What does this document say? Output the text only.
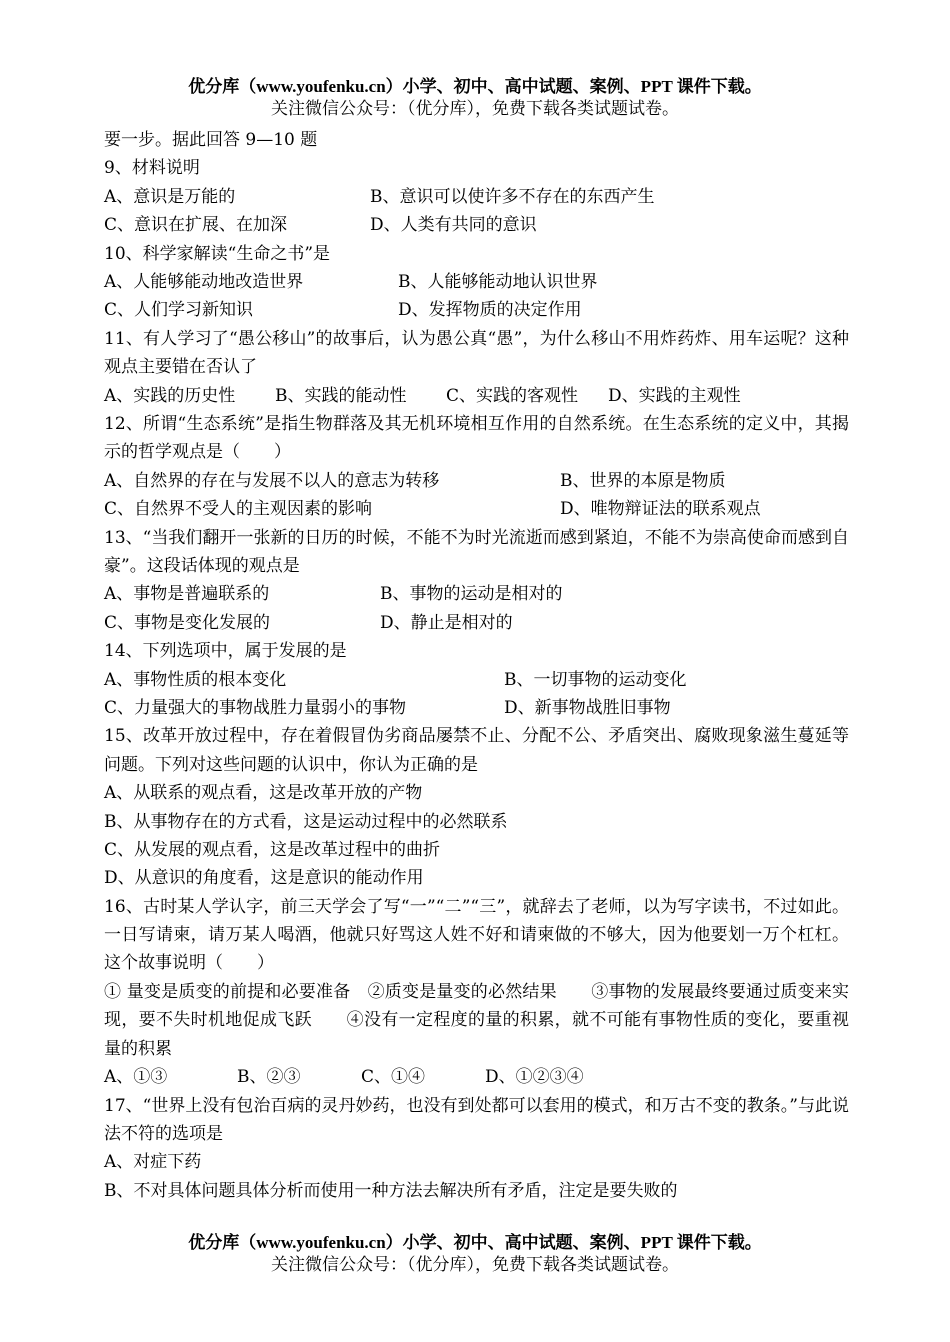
优分库（www.youfenku.cn）小学、初中、高中试题、案例、PPT 课件下载。
关注微信公众号：（优分库），免费下载各类试题试卷。
要一步。据此回答 9—10 题
9、材料说明
A、意识是万能的	B、意识可以使许多不存在的东西产生
C、意识在扩展、在加深	D、人类有共同的意识
10、科学家解读“生命之书”是
A、人能够能动地改造世界	B、人能够能动地认识世界
C、人们学习新知识	D、发挥物质的决定作用
11、有人学习了“愚公移山”的故事后，认为愚公真“愚”，为什么移山不用炸药炸、用车运呢？这种观点主要错在否认了
A、实践的历史性 B、实践的能动性 C、实践的客观性 D、实践的主观性
12、所谓“生态系统”是指生物群落及其无机环境相互作用的自然系统。在生态系统的定义中，其揭示的哲学观点是（　　）
A、自然界的存在与发展不以人的意志为转移	B、世界的本原是物质
C、自然界不受人的主观因素的影响	D、唯物辩证法的联系观点
13、“当我们翻开一张新的日历的时候，不能不为时光流逝而感到紧迫，不能不为崇高使命而感到自豪”。这段话体现的观点是
A、事物是普遍联系的	B、事物的运动是相对的
C、事物是变化发展的	D、静止是相对的
14、下列选项中，属于发展的是
A、事物性质的根本变化	B、一切事物的运动变化
C、力量强大的事物战胜力量弱小的事物	D、新事物战胜旧事物
15、改革开放过程中，存在着假冒伪劣商品屡禁不止、分配不公、矛盾突出、腐败现象滋生蔓延等问题。下列对这些问题的认识中，你认为正确的是
A、从联系的观点看，这是改革开放的产物
B、从事物存在的方式看，这是运动过程中的必然联系
C、从发展的观点看，这是改革过程中的曲折
D、从意识的角度看，这是意识的能动作用
16、古时某人学认字，前三天学会了写“一”“二”“三”，就辞去了老师，以为写字读书，不过如此。一日写请柬，请万某人喝酒，他就只好骂这人姓不好和请柬做的不够大，因为他要划一万个杠杠。这个故事说明（　　）
① 量变是质变的前提和必要准备　②质变是量变的必然结果　　③事物的发展最终要通过质变来实现，要不失时机地促成飞跃　　④没有一定程度的量的积累，就不可能有事物性质的变化，要重视量的积累
A、①③	B、②③	C、①④	D、①②③④
17、“世界上没有包治百病的灵丹妙药，也没有到处都可以套用的模式，和万古不变的教条。”与此说法不符的选项是
A、对症下药
B、不对具体问题具体分析而使用一种方法去解决所有矛盾，注定是要失败的
优分库（www.youfenku.cn）小学、初中、高中试题、案例、PPT 课件下载。
关注微信公众号：（优分库），免费下载各类试题试卷。
